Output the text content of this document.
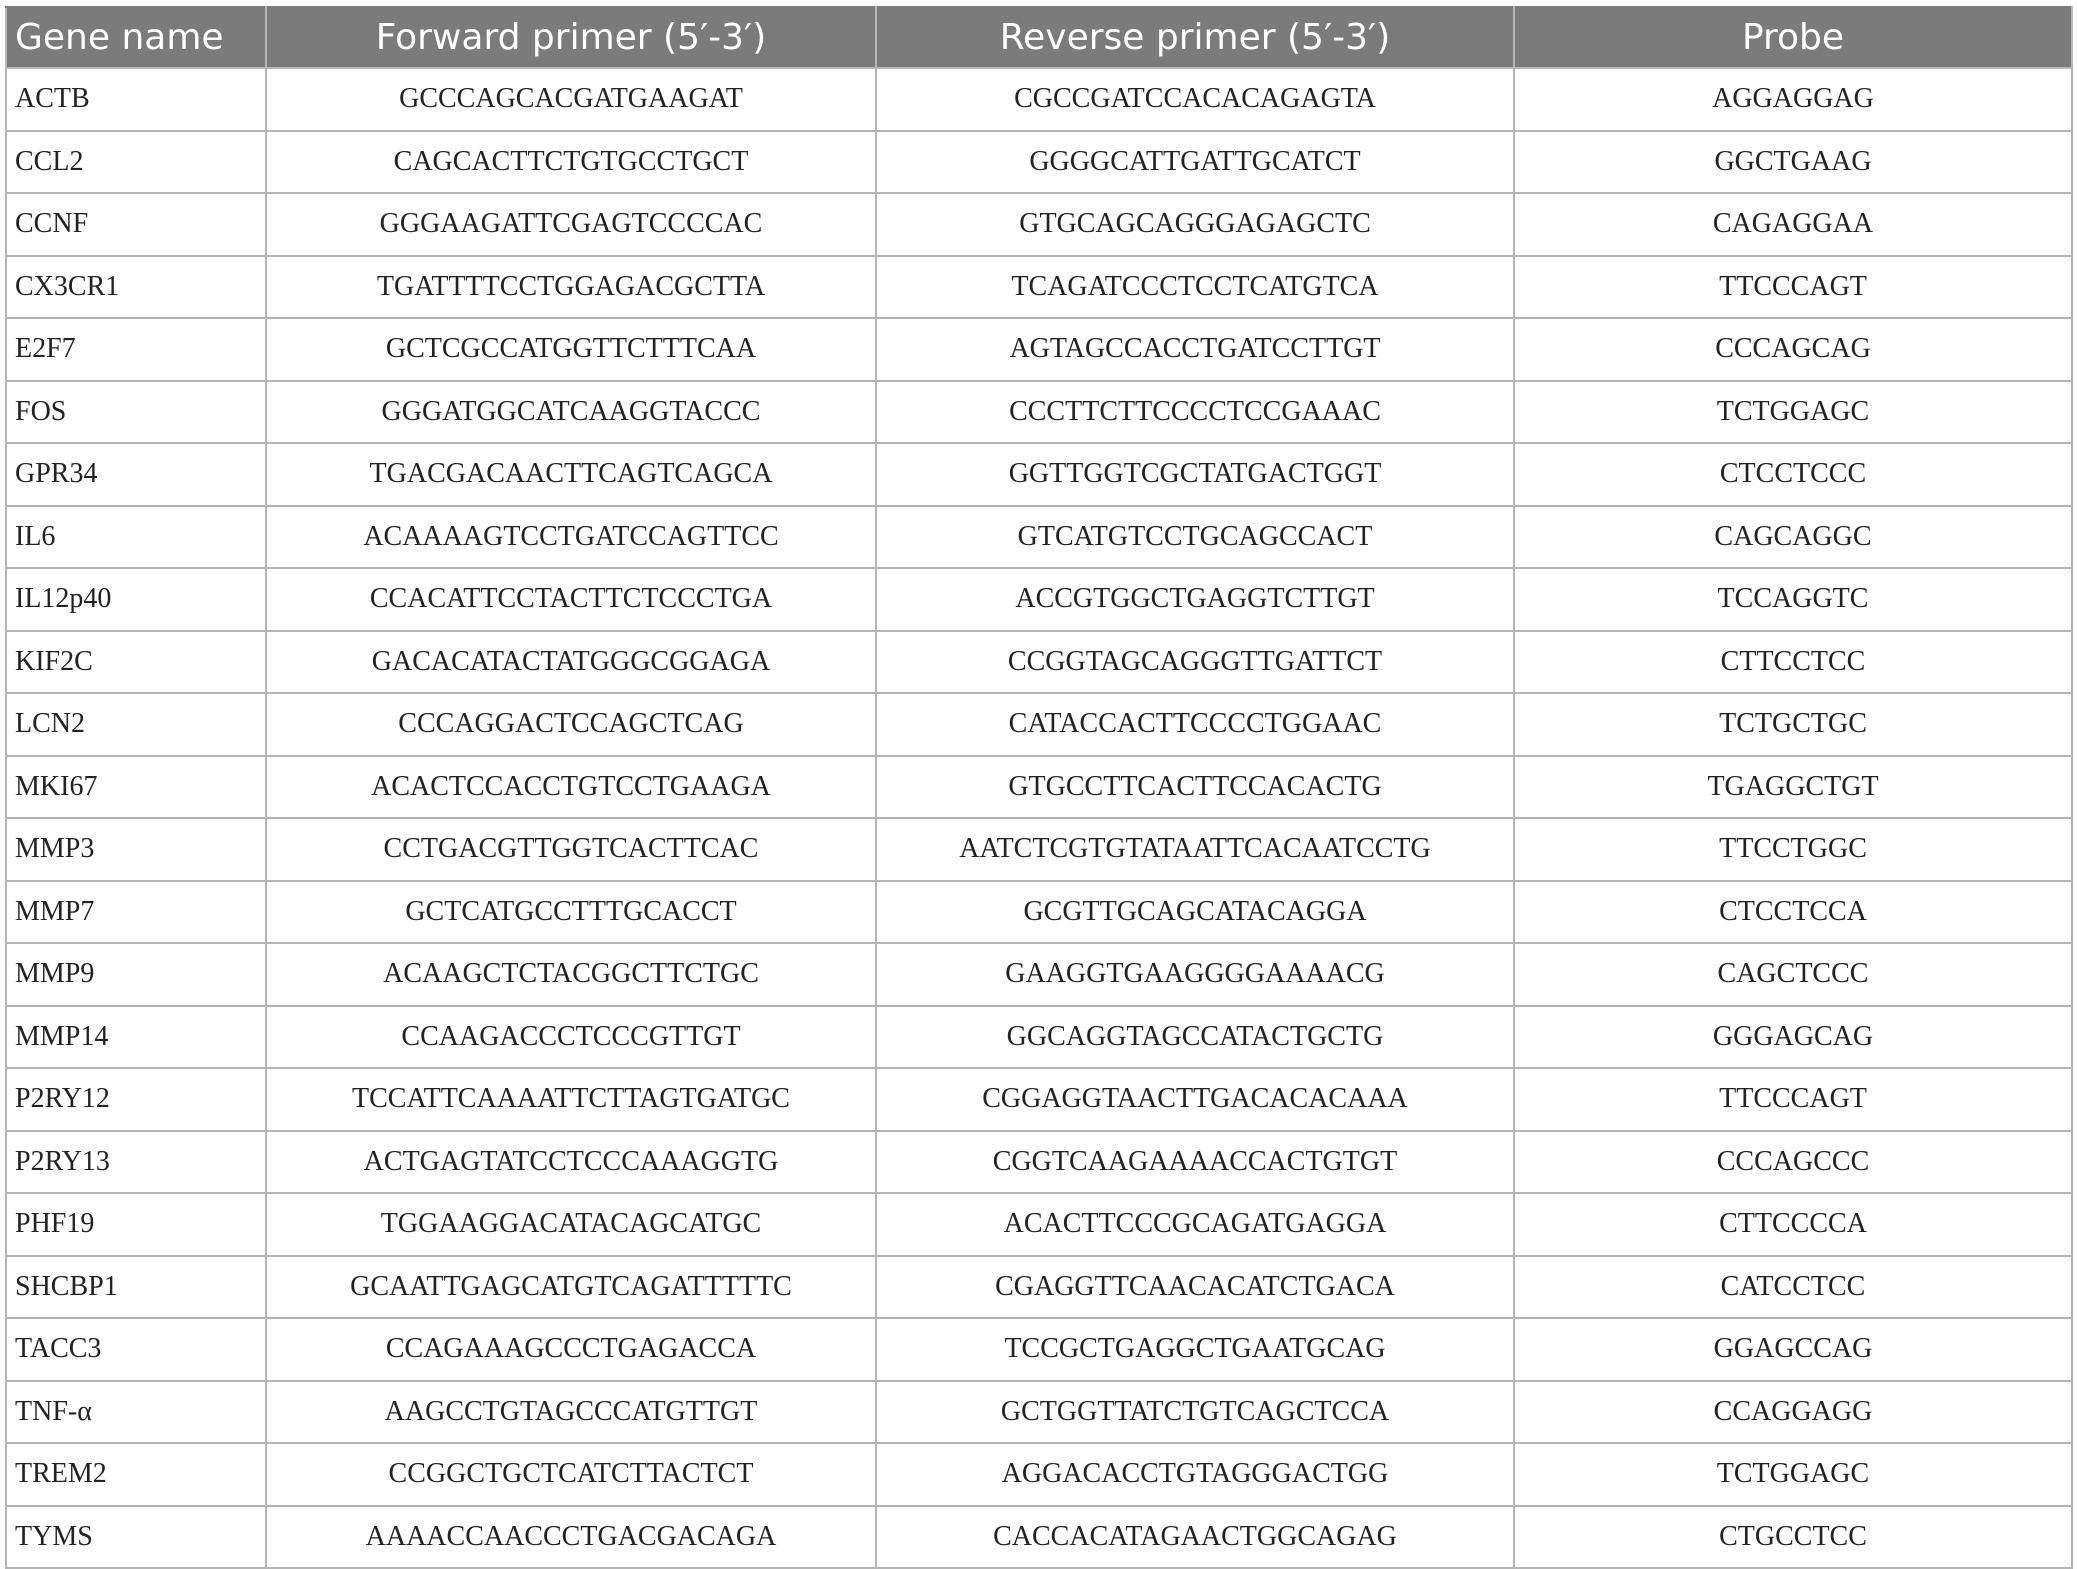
Gene name	Forward primer (5′-3′)	Reverse primer (5′-3′)	Probe
ACTB	GCCCAGCACGATGAAGAT	CGCCGATCCACACAGAGTA	AGGAGGAG
CCL2	CAGCACTTCTGTGCCTGCT	GGGGCATTGATTGCATCT	GGCTGAAG
CCNF	GGGAAGATTCGAGTCCCCAC	GTGCAGCAGGGAGAGCTC	CAGAGGAA
CX3CR1	TGATTTTCCTGGAGACGCTTA	TCAGATCCCTCCTCATGTCA	TTCCCAGT
E2F7	GCTCGCCATGGTTCTTTCAA	AGTAGCCACCTGATCCTTGT	CCCAGCAG
FOS	GGGATGGCATCAAGGTACCC	CCCTTCTTCCCCTCCGAAAC	TCTGGAGC
GPR34	TGACGACAACTTCAGTCAGCA	GGTTGGTCGCTATGACTGGT	CTCCTCCC
IL6	ACAAAAGTCCTGATCCAGTTCC	GTCATGTCCTGCAGCCACT	CAGCAGGC
IL12p40	CCACATTCCTACTTCTCCCTGA	ACCGTGGCTGAGGTCTTGT	TCCAGGTC
KIF2C	GACACATACTATGGGCGGAGA	CCGGTAGCAGGGTTGATTCT	CTTCCTCC
LCN2	CCCAGGACTCCAGCTCAG	CATACCACTTCCCCTGGAAC	TCTGCTGC
MKI67	ACACTCCACCTGTCCTGAAGA	GTGCCTTCACTTCCACACTG	TGAGGCTGT
MMP3	CCTGACGTTGGTCACTTCAC	AATCTCGTGTATAATTCACAATCCTG	TTCCTGGC
MMP7	GCTCATGCCTTTGCACCT	GCGTTGCAGCATACAGGA	CTCCTCCA
MMP9	ACAAGCTCTACGGCTTCTGC	GAAGGTGAAGGGGAAAACG	CAGCTCCC
MMP14	CCAAGACCCTCCCGTTGT	GGCAGGTAGCCATACTGCTG	GGGAGCAG
P2RY12	TCCATTCAAAATTCTTAGTGATGC	CGGAGGTAACTTGACACACAAA	TTCCCAGT
P2RY13	ACTGAGTATCCTCCCAAAGGTG	CGGTCAAGAAAACCACTGTGT	CCCAGCCC
PHF19	TGGAAGGACATACAGCATGC	ACACTTCCCGCAGATGAGGA	CTTCCCCA
SHCBP1	GCAATTGAGCATGTCAGATTTTTC	CGAGGTTCAACACATCTGACA	CATCCTCC
TACC3	CCAGAAAGCCCTGAGACCA	TCCGCTGAGGCTGAATGCAG	GGAGCCAG
TNF-α	AAGCCTGTAGCCCATGTTGT	GCTGGTTATCTGTCAGCTCCA	CCAGGAGG
TREM2	CCGGCTGCTCATCTTACTCT	AGGACACCTGTAGGGACTGG	TCTGGAGC
TYMS	AAAACCAACCCTGACGACAGA	CACCACATAGAACTGGCAGAG	CTGCCTCC
